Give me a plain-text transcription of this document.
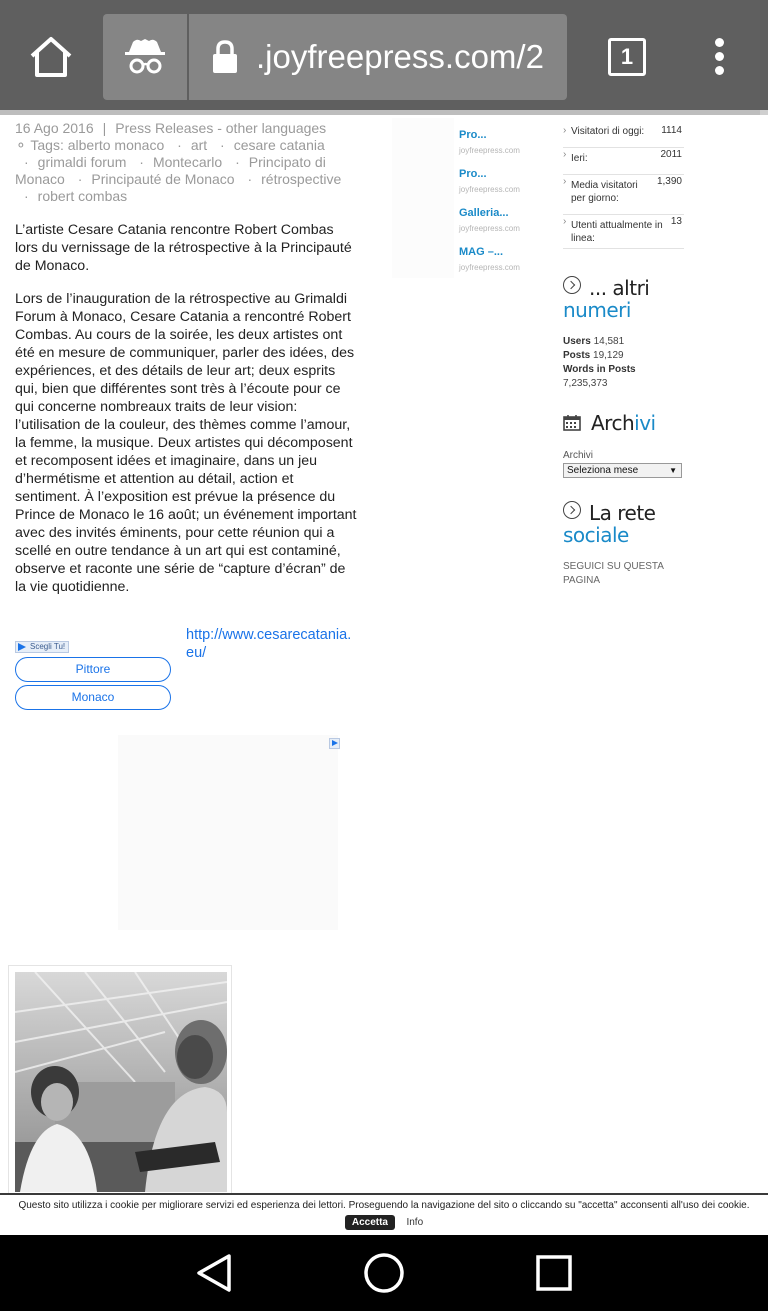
.joyfreepress.com/2	1
16 Ago 2016 | Press Releases - other languages
⚬ Tags: alberto monaco · art · cesare catania · grimaldi forum · Montecarlo · Principato di Monaco · Principauté de Monaco · rétrospective · robert combas

L’artiste Cesare Catania rencontre Robert Combas lors du vernissage de la rétrospective à la Principauté de Monaco.

Lors de l’inauguration de la rétrospective au Grimaldi Forum à Monaco, Cesare Catania a rencontré Robert Combas. Au cours de la soirée, les deux artistes ont été en mesure de communiquer, parler des idées, des expériences, et des détails de leur art; deux esprits qui, bien que différentes sont très à l’écoute pour ce qui concerne nombreaux traits de leur vision: l’utilisation de la couleur, des thèmes comme l’amour, la femme, la musique. Deux artistes qui décomposent et recomposent idées et imaginaire, dans un jeu d’hermétisme et attention au détail, action et sentiment. À l’exposition est prévue la présence du Prince de Monaco le 16 août; un événement important avec des invités éminents, pour cette réunion qui a scellé en outre tendance à un art qui est contaminé, observe et raconte une série de “capture d’écran” de la vie quotidienne.

Scegli Tu!
Pittore
Monaco
http://www.cesarecatania.eu/
Pro...
joyfreepress.com
Pro...
joyfreepress.com
Galleria...
joyfreepress.com
MAG –...
joyfreepress.com
› Visitatori di oggi: 1114
› Ieri:	2011
› Media visitatori per giorno:
1,390
› Utenti attualmente in linea:
13
... altri
numeri
Users 14,581
Posts 19,129
Words in Posts
7,235,373
Archivi
Archivi
Seleziona mese	▼
La rete
sociale
SEGUICI SU QUESTA PAGINA
Questo sito utilizza i cookie per migliorare servizi ed esperienza dei lettori. Proseguendo la navigazione del sito o cliccando su "accetta" acconsenti all'uso dei cookie.
Accetta Info
